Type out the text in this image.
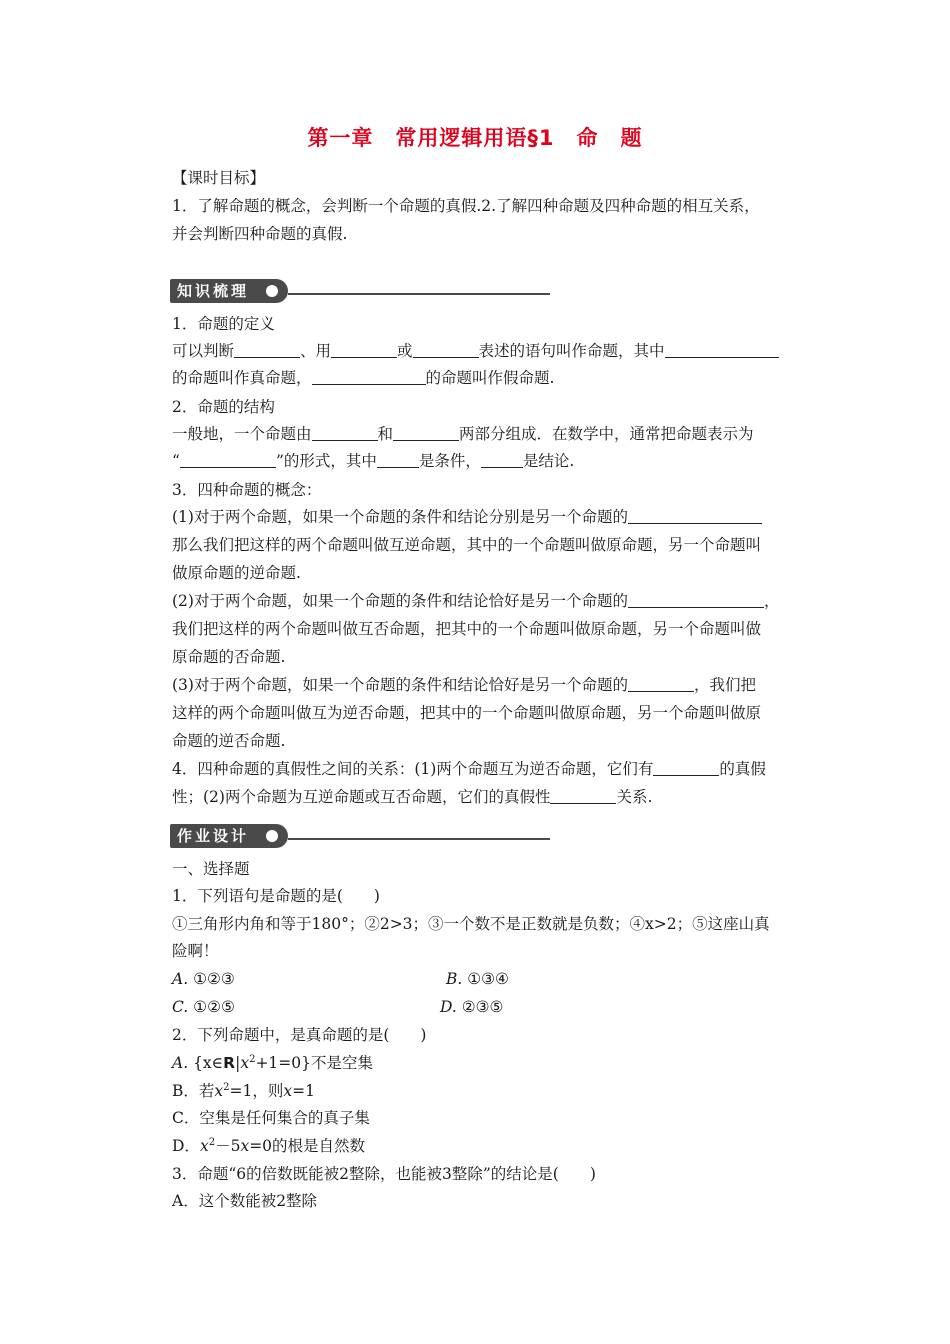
第一章　常用逻辑用语§1　命　题
【课时目标】
1．了解命题的概念，会判断一个命题的真假.2.了解四种命题及四种命题的相互关系，
并会判断四种命题的真假.
知识梳理
1．命题的定义
可以判断	、用	或	表述的语句叫作命题，其中
的命题叫作真命题，	的命题叫作假命题.
2．命题的结构
一般地，一个命题由	和	两部分组成．在数学中，通常把命题表示为
“	”的形式，其中	是条件，	是结论.
3．四种命题的概念：
(1)对于两个命题，如果一个命题的条件和结论分别是另一个命题的
那么我们把这样的两个命题叫做互逆命题，其中的一个命题叫做原命题，另一个命题叫
做原命题的逆命题.
(2)对于两个命题，如果一个命题的条件和结论恰好是另一个命题的	，
我们把这样的两个命题叫做互否命题，把其中的一个命题叫做原命题，另一个命题叫做
原命题的否命题.
(3)对于两个命题，如果一个命题的条件和结论恰好是另一个命题的	，我们把
这样的两个命题叫做互为逆否命题，把其中的一个命题叫做原命题，另一个命题叫做原
命题的逆否命题.
4．四种命题的真假性之间的关系：(1)两个命题互为逆否命题，它们有	的真假
性；(2)两个命题为互逆命题或互否命题，它们的真假性	关系.
作业设计
一、选择题
1．下列语句是命题的是(　　)
①三角形内角和等于180°；②2>3；③一个数不是正数就是负数；④x>2；⑤这座山真
险啊！
A. ①②③	B. ①③④
C. ①②⑤	D. ②③⑤
2．下列命题中，是真命题的是(　　)
A. $\{x\in R|x^2+1=0\}$不是空集
B．若$x^2=1$，则x=1
C．空集是任何集合的真子集
D．$x^2-5x=0$的根是自然数
3．命题“6的倍数既能被2整除，也能被3整除”的结论是(　　)
A．这个数能被2整除
